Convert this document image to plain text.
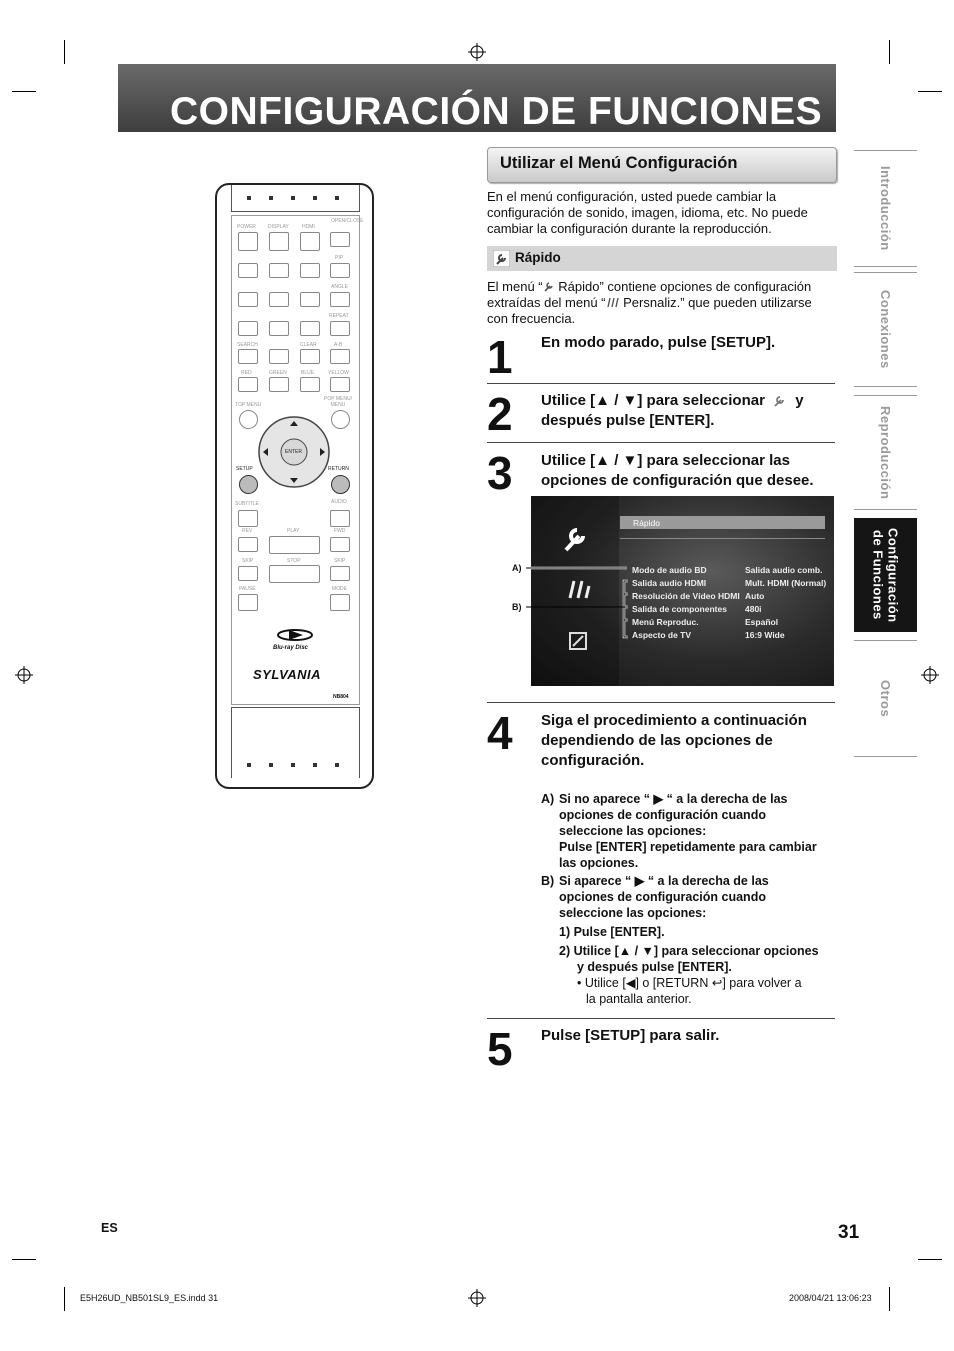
CONFIGURACIÓN DE FUNCIONES
Utilizar el Menú Configuración
En el menú configuración, usted puede cambiar la
configuración de sonido, imagen, idioma, etc. No puede
cambiar la configuración durante la reproducción.
Rápido
El menú “ Rápido” contiene opciones de configuración
extraídas del menú “ Persnaliz.” que pueden utilizarse
con frecuencia.
1 En modo parado, pulse [SETUP].
2 Utilice [▲ / ▼] para seleccionar y
después pulse [ENTER].
3 Utilice [▲ / ▼] para seleccionar las
opciones de configuración que desee.
Rápido
Modo de audio BD	Salida audio comb.
Salida audio HDMI	Mult. HDMI (Normal)
Resolución de Vídeo HDMI Auto
Salida de componentes 480i
Menú Reproduc.	Español
Aspecto de TV	16:9 Wide
A)
B)
4 Siga el procedimiento a continuación
dependiendo de las opciones de
configuración.
A) Si no aparece “ ▶ “ a la derecha de las
opciones de configuración cuando
seleccione las opciones:
Pulse [ENTER] repetidamente para cambiar
las opciones.
B) Si aparece “ ▶ “ a la derecha de las
opciones de configuración cuando
seleccione las opciones:
1) Pulse [ENTER].
2) Utilice [▲ / ▼] para seleccionar opciones
y después pulse [ENTER].
• Utilice [◀] o [RETURN ↩] para volver a
la pantalla anterior.
5 Pulse [SETUP] para salir.
Introducción
Conexiones
Reproducción
Configuración de Funciones
Otros
POWER DISPLAY	HDMI
OPEN/CLOSE
PIP
ANGLE
REPEAT
SEARCH	CLEAR	A-B
RED	GREEN	BLUE	YELLOW
TOP MENU
POP MENU/ MENU
ENTER
SETUP	RETURN
SUBTITLE	AUDIO
REV	PLAY	FWD
SKIP	STOP	SKIP
PAUSE	MODE
Blu-ray Disc
SYLVANIA
NB804
ES	31
E5H26UD_NB501SL9_ES.indd 31	2008/04/21 13:06:23
